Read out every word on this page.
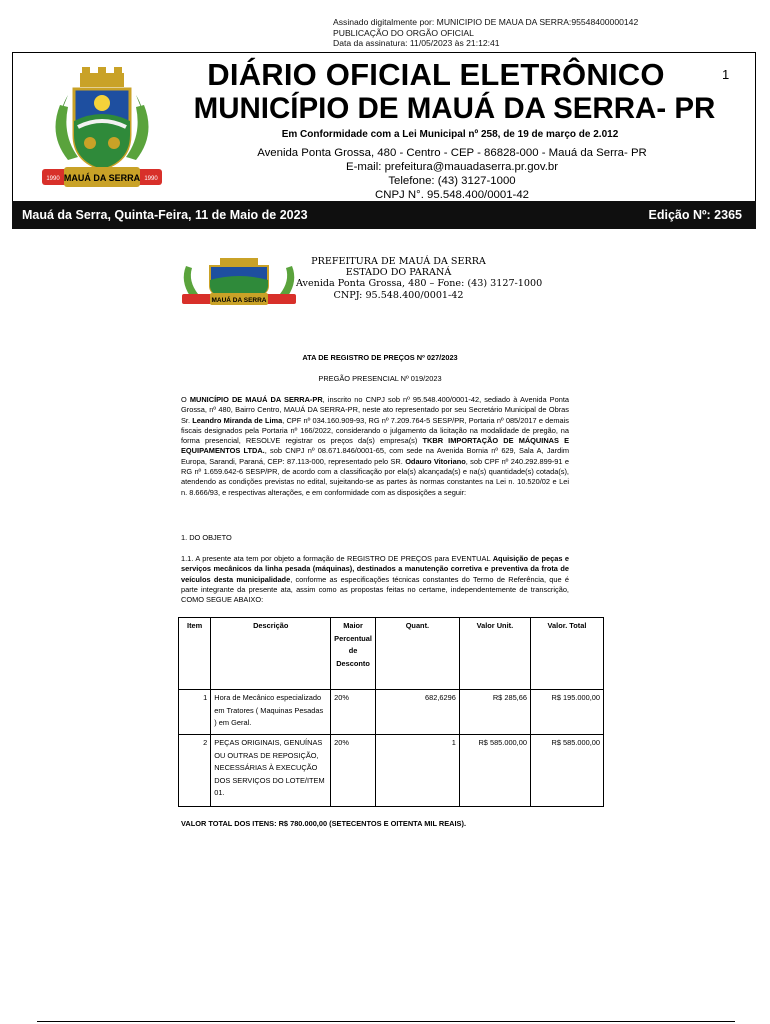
Assinado digitalmente por: MUNICIPIO DE MAUA DA SERRA:95548400000142
PUBLICAÇÃO DO ORGÃO OFICIAL
Data da assinatura: 11/05/2023 às 21:12:41
MAUÁ DA SERRA
1990	1990
DIÁRIO OFICIAL ELETRÔNICO	1
MUNICÍPIO DE MAUÁ DA SERRA- PR
Em Conformidade com a Lei Municipal nº 258, de 19 de março de 2.012
Avenida Ponta Grossa, 480 - Centro - CEP - 86828-000 - Mauá da Serra- PR
E-mail: prefeitura@mauadaserra.pr.gov.br
Telefone: (43) 3127-1000
CNPJ N°. 95.548.400/0001-42
Mauá da Serra, Quinta-Feira, 11 de Maio de 2023	Edição Nº: 2365
MAUÁ DA SERRA
PREFEITURA DE MAUÁ DA SERRA
ESTADO DO PARANÁ
Avenida Ponta Grossa, 480 – Fone: (43) 3127-1000
CNPJ: 95.548.400/0001-42
ATA DE REGISTRO DE PREÇOS Nº 027/2023
PREGÃO PRESENCIAL Nº 019/2023
O MUNICÍPIO DE MAUÁ DA SERRA-PR, inscrito no CNPJ sob nº 95.548.400/0001-42, sediado à Avenida Ponta Grossa, nº 480, Bairro Centro, MAUÁ DA SERRA-PR, neste ato representado por seu Secretário Municipal de Obras Sr. Leandro Miranda de Lima, CPF nº 034.160.909-93, RG nº 7.209.764-5 SESP/PR, Portaria nº 085/2017 e demais fiscais designados pela Portaria nº 166/2022, considerando o julgamento da licitação na modalidade de pregão, na forma presencial, RESOLVE registrar os preços da(s) empresa(s) TKBR IMPORTAÇÃO DE MÁQUINAS E EQUIPAMENTOS LTDA., sob CNPJ nº 08.671.846/0001-65, com sede na Avenida Bornia nº 629, Sala A, Jardim Europa, Sarandi, Paraná, CEP: 87.113-000, representado pelo SR. Odauro Vitoriano, sob CPF nº 240.292.899-91 e RG nº 1.659.642-6 SESP/PR, de acordo com a classificação por ela(s) alcançada(s) e na(s) quantidade(s) cotada(s), atendendo as condições previstas no edital, sujeitando-se as partes às normas constantes na Lei n. 10.520/02 e Lei n. 8.666/93, e respectivas alterações, e em conformidade com as disposições a seguir:
1. DO OBJETO
1.1. A presente ata tem por objeto a formação de REGISTRO DE PREÇOS para EVENTUAL Aquisição de peças e serviços mecânicos da linha pesada (máquinas), destinados a manutenção corretiva e preventiva da frota de veículos desta municipalidade, conforme as especificações técnicas constantes do Termo de Referência, que é parte integrante da presente ata, assim como as propostas feitas no certame, independentemente de transcrição, COMO SEGUE ABAIXO:
Item	Descrição	Maior Percentual de Desconto	Quant.	Valor Unit.	Valor. Total
1	Hora de Mecânico especializado em Tratores ( Maquinas Pesadas ) em Geral.	20%	682,6296	R$ 285,66	R$ 195.000,00
2	PEÇAS ORIGINAIS, GENUÍNAS OU OUTRAS DE REPOSIÇÃO, NECESSÁRIAS À EXECUÇÃO DOS SERVIÇOS DO LOTE/ITEM 01.	20%	1	R$ 585.000,00	R$ 585.000,00
VALOR TOTAL DOS ITENS: R$ 780.000,00 (SETECENTOS E OITENTA MIL REAIS).
